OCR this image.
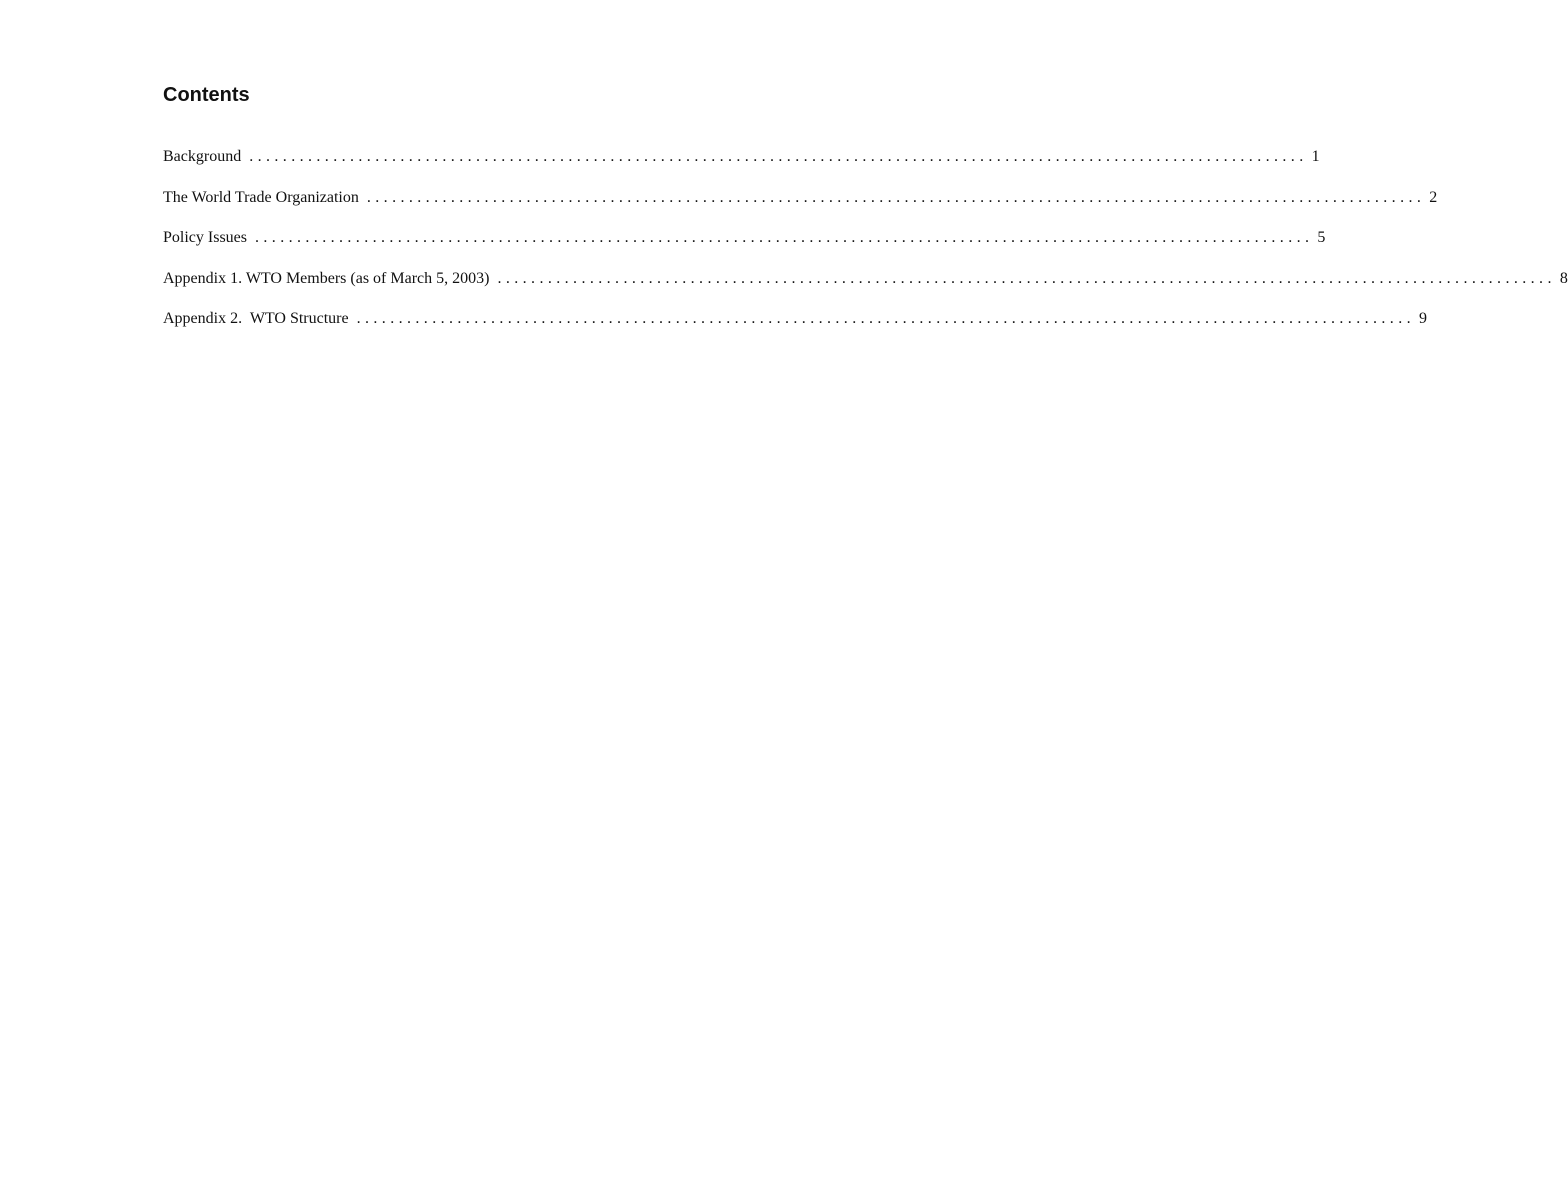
Contents
Background .............................................................................................................................. 1
The World Trade Organization .............................................................................................................................. 2
Policy Issues .............................................................................................................................. 5
Appendix 1. WTO Members (as of March 5, 2003) .............................................................................................................................. 8
Appendix 2.  WTO Structure .............................................................................................................................. 9
